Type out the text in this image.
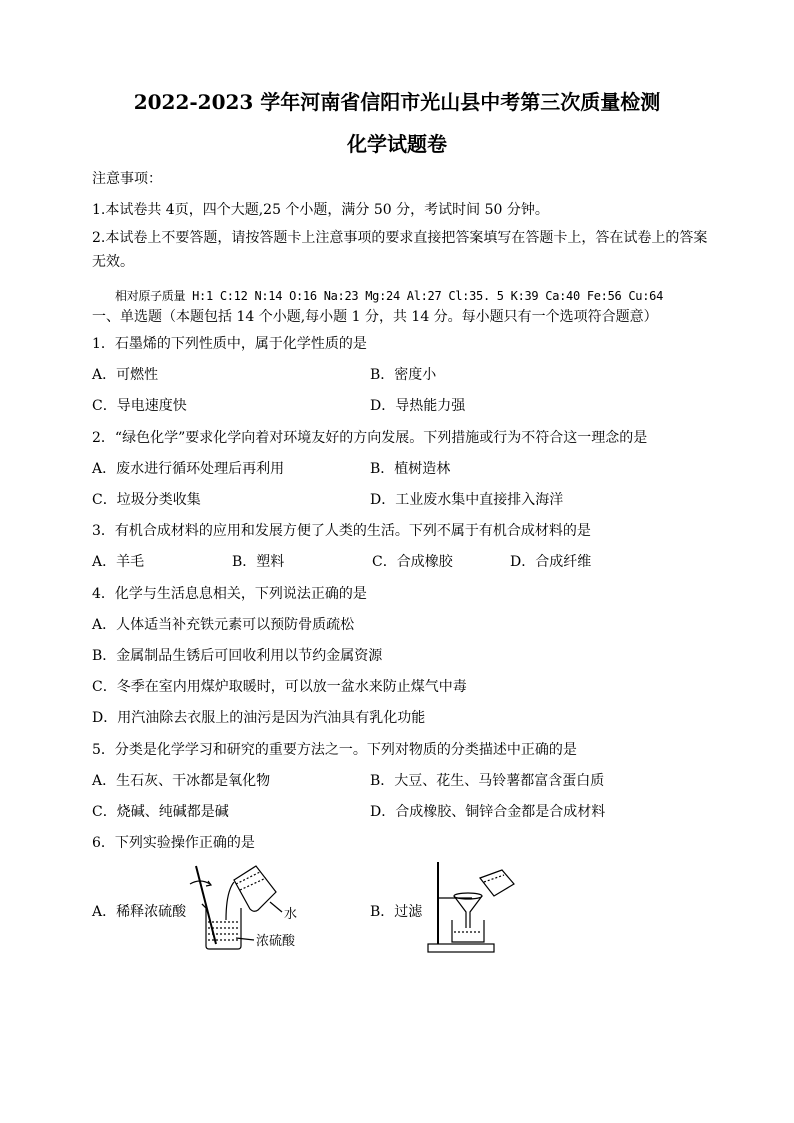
2022-2023 学年河南省信阳市光山县中考第三次质量检测
化学试题卷
注意事项：
1.本试卷共 4页，四个大题,25 个小题，满分 50 分，考试时间 50 分钟。
2.本试卷上不要答题，请按答题卡上注意事项的要求直接把答案填写在答题卡上，答在试卷上的答案无效。
相对原子质量 H:1 C:12 N:14 O:16 Na:23 Mg:24 Al:27 Cl:35. 5 K:39 Ca:40 Fe:56 Cu:64
一、单选题（本题包括 14 个小题,每小题 1 分，共 14 分。每小题只有一个选项符合题意）
1．石墨烯的下列性质中，属于化学性质的是
A．可燃性	B．密度小
C．导电速度快	D．导热能力强
2．“绿色化学”要求化学向着对环境友好的方向发展。下列措施或行为不符合这一理念的是
A．废水进行循环处理后再利用	B．植树造林
C．垃圾分类收集	D．工业废水集中直接排入海洋
3．有机合成材料的应用和发展方便了人类的生活。下列不属于有机合成材料的是
A．羊毛	B．塑料	C．合成橡胶	D．合成纤维
4．化学与生活息息相关，下列说法正确的是
A．人体适当补充铁元素可以预防骨质疏松
B．金属制品生锈后可回收利用以节约金属资源
C．冬季在室内用煤炉取暖时，可以放一盆水来防止煤气中毒
D．用汽油除去衣服上的油污是因为汽油具有乳化功能
5．分类是化学学习和研究的重要方法之一。下列对物质的分类描述中正确的是
A．生石灰、干冰都是氧化物	B．大豆、花生、马铃薯都富含蛋白质
C．烧碱、纯碱都是碱	D．合成橡胶、铜锌合金都是合成材料
6．下列实验操作正确的是
A．稀释浓硫酸	B．过滤
水
浓硫酸
